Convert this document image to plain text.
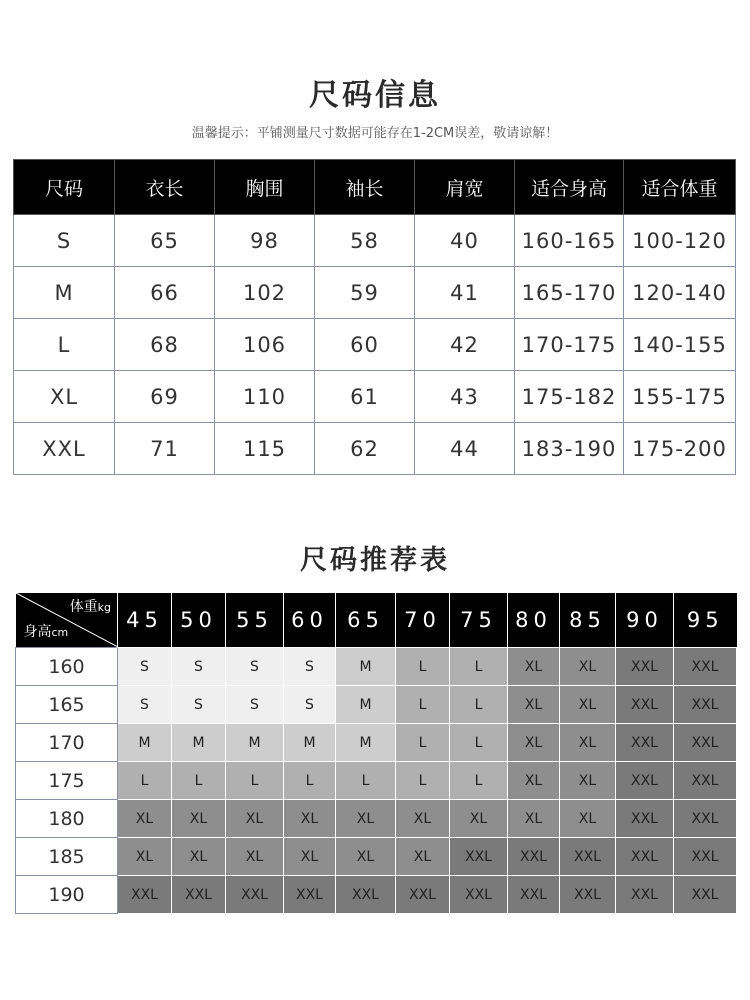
尺码信息
温馨提示：平铺测量尺寸数据可能存在1-2CM误差，敬请谅解！
尺码	衣长	胸围	袖长	肩宽	适合身高	适合体重
S	65	98	58	40	160-165	100-120
M	66	102	59	41	165-170	120-140
L	68	106	60	42	170-175	140-155
XL	69	110	61	43	175-182	155-175
XXL	71	115	62	44	183-190	175-200
尺码推荐表
体重kg
身高cm	45	50	55	60	65	70	75	80	85	90	95
160	S	S	S	S	M	L	L	XL	XL	XXL	XXL
165	S	S	S	S	M	L	L	XL	XL	XXL	XXL
170	M	M	M	M	M	L	L	XL	XL	XXL	XXL
175	L	L	L	L	L	L	L	XL	XL	XXL	XXL
180	XL	XL	XL	XL	XL	XL	XL	XL	XL	XXL	XXL
185	XL	XL	XL	XL	XL	XL	XXL	XXL	XXL	XXL	XXL
190	XXL	XXL	XXL	XXL	XXL	XXL	XXL	XXL	XXL	XXL	XXL
